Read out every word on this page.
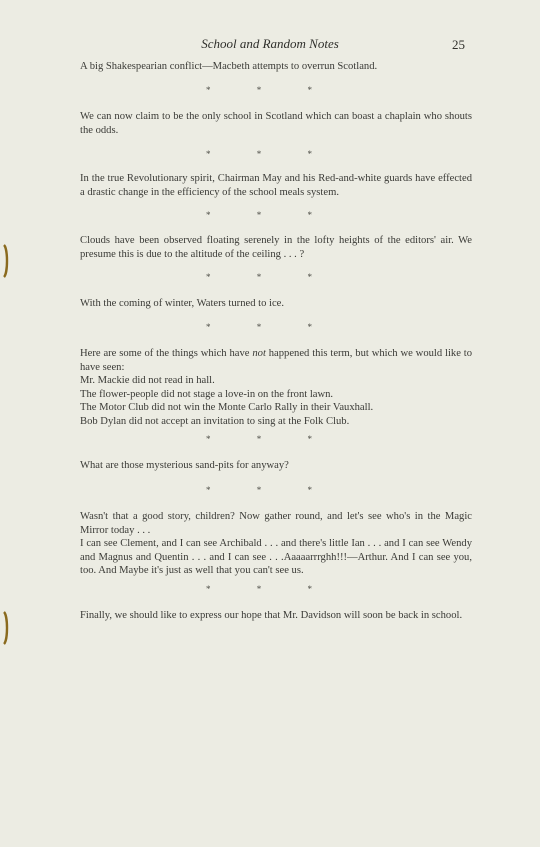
School and Random Notes	25

A big Shakespearian conflict—Macbeth attempts to overrun Scotland.

* * *

We can now claim to be the only school in Scotland which can boast a chaplain who shouts the odds.

* * *

In the true Revolutionary spirit, Chairman May and his Red-and-white guards have effected a drastic change in the efficiency of the school meals system.

* * *

Clouds have been observed floating serenely in the lofty heights of the editors' air. We presume this is due to the altitude of the ceiling . . . ?

* * *

With the coming of winter, Waters turned to ice.

* * *
Here are some of the things which have not happened this term, but which we would like to have seen:
Mr. Mackie did not read in hall.
The flower-people did not stage a love-in on the front lawn.
The Motor Club did not win the Monte Carlo Rally in their Vauxhall.
Bob Dylan did not accept an invitation to sing at the Folk Club.
* * *

What are those mysterious sand-pits for anyway?

* * *
Wasn't that a good story, children? Now gather round, and let's see who's in the Magic Mirror today . . .
I can see Clement, and I can see Archibald . . . and there's little Ian . . . and I can see Wendy and Magnus and Quentin . . . and I can see . . .Aaaaarrrghh!!!—Arthur. And I can see you, too. And Maybe it's just as well that you can't see us.
* * *

Finally, we should like to express our hope that Mr. Davidson will soon be back in school.
